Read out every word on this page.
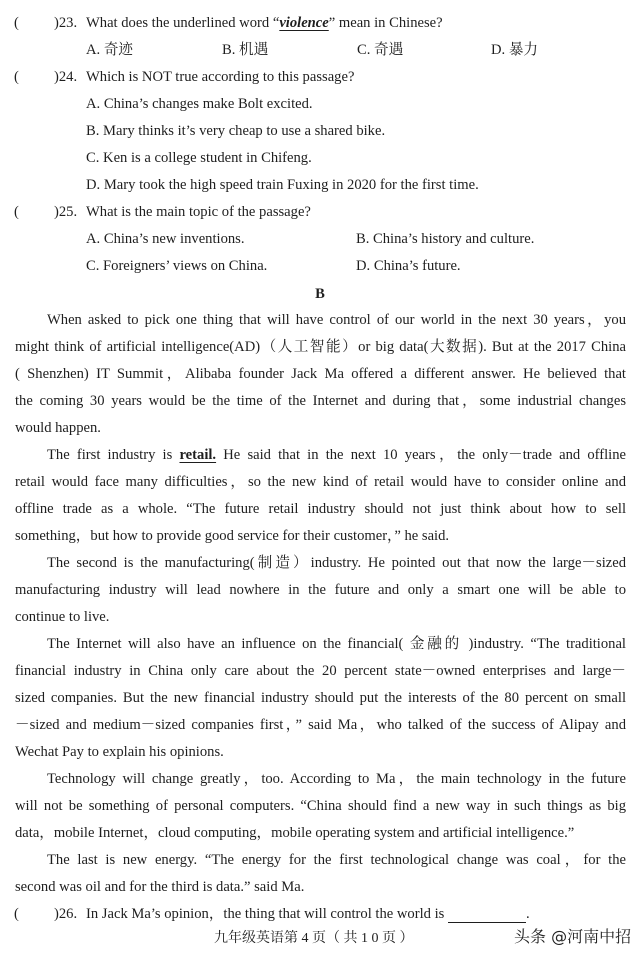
( )23. What does the underlined word “violence” mean in Chinese?
A. 奇迹	B. 机遇	C. 奇遇	D. 暴力
( )24. Which is NOT true according to this passage?
A. China’s changes make Bolt excited.
B. Mary thinks it’s very cheap to use a shared bike.
C. Ken is a college student in Chifeng.
D. Mary took the high speed train Fuxing in 2020 for the first time.
( )25. What is the main topic of the passage?
A. China’s new inventions.	B. China’s history and culture.
C. Foreigners’ views on China.	D. China’s future.
B
When asked to pick one thing that will have control of our world in the next 30 years，you
might think of artificial intelligence(AD)（人工智能）or big data(大数据). But at the 2017 China
( Shenzhen) IT Summit，Alibaba founder Jack Ma offered a different answer. He believed that
the coming 30 years would be the time of the Internet and during that，some industrial changes
would happen.
The first industry is retail. He said that in the next 10 years，the only－trade and offline
retail would face many difficulties，so the new kind of retail would have to consider online and
offline trade as a whole. “The future retail industry should not just think about how to sell
something，but how to provide good service for their customer，” he said.
The second is the manufacturing(制造）industry. He pointed out that now the large－sized
manufacturing industry will lead nowhere in the future and only a smart one will be able to
continue to live.
The Internet will also have an influence on the financial( 金融的 )industry. “The traditional
financial industry in China only care about the 20 percent state－owned enterprises and large－
sized companies. But the new financial industry should put the interests of the 80 percent on small
－sized and medium－sized companies first，” said Ma，who talked of the success of Alipay and
Wechat Pay to explain his opinions.
Technology will change greatly，too. According to Ma，the main technology in the future
will not be something of personal computers. “China should find a new way in such things as big
data，mobile Internet，cloud computing，mobile operating system and artificial intelligence.”
The last is new energy. “The energy for the first technological change was coal，for the
second was oil and for the third is data.” said Ma.
( )26. In Jack Ma’s opinion，the thing that will control the world is	.
九年级英语第 4 页（ 共 1 0 页 ）	头条 @河南中招
